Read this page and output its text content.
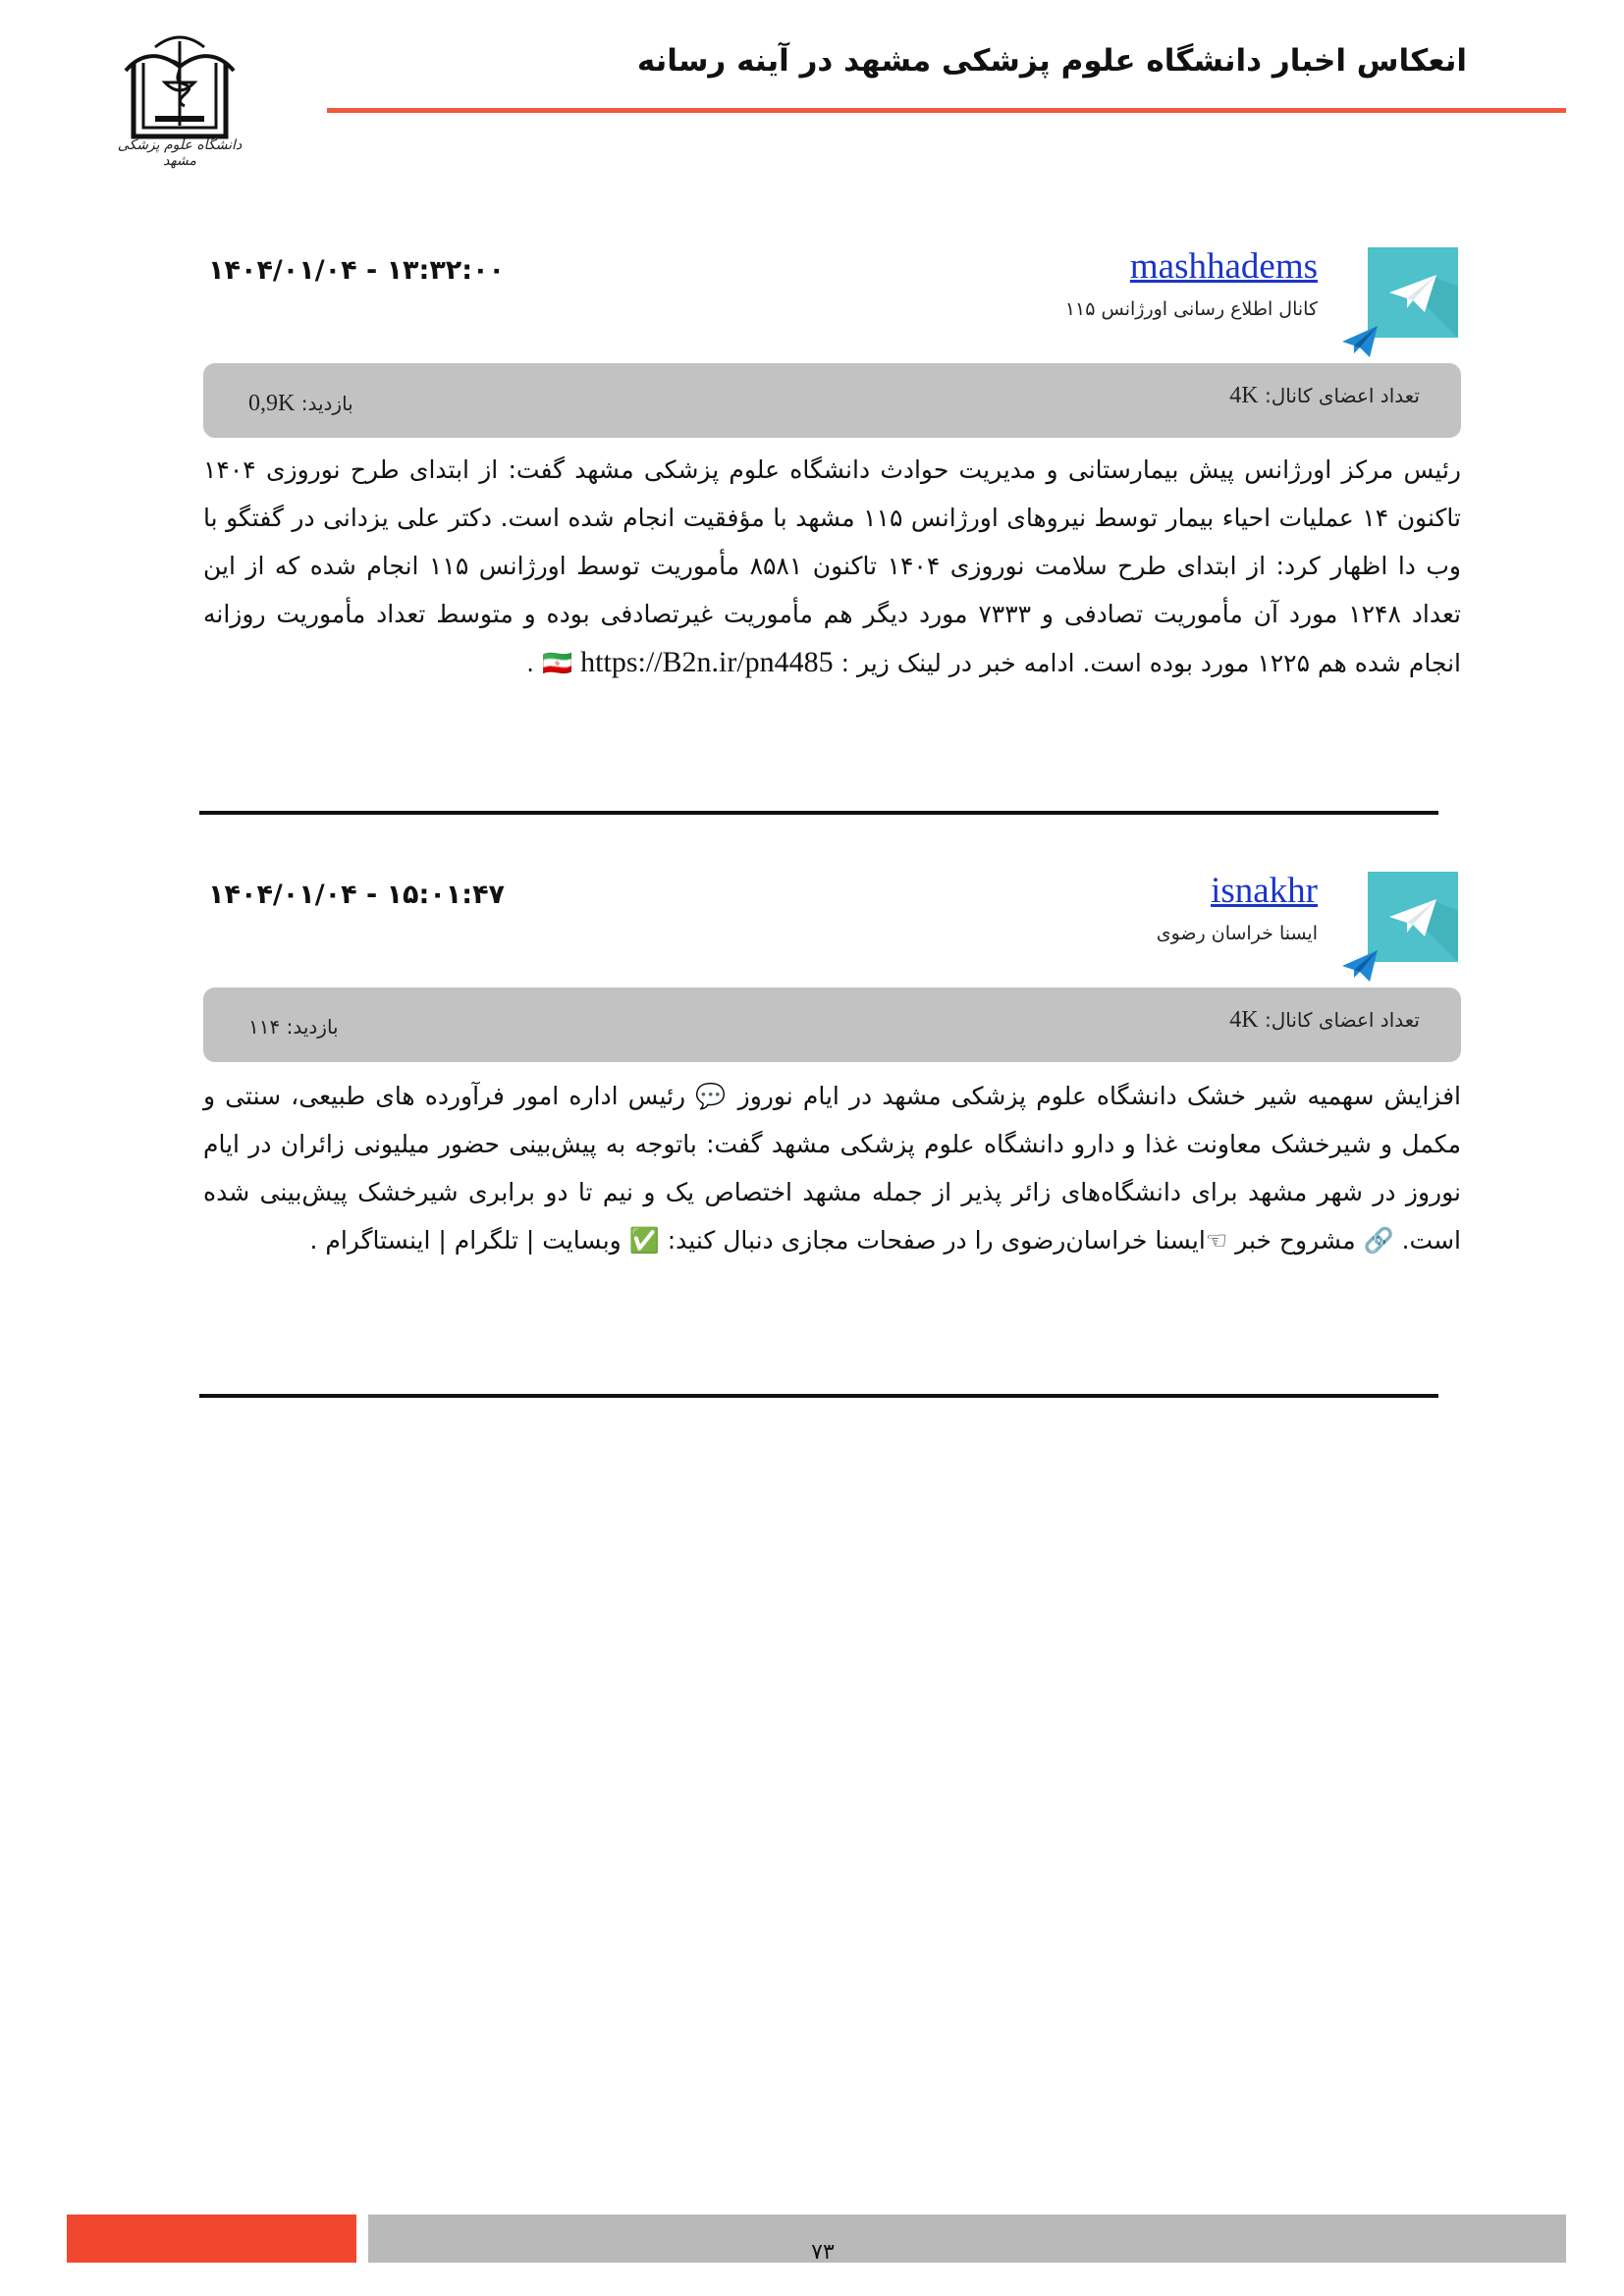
دانشگاه علوم پزشکی مشهد
انعکاس اخبار دانشگاه علوم پزشکی مشهد در آینه رسانه
mashhadems
کانال اطلاع رسانی اورژانس ۱۱۵
۱۴۰۴/۰۱/۰۴ - ۱۳:۳۲:۰۰
تعداد اعضای کانال: 4K
بازدید: 0,9K
رئیس مرکز اورژانس پیش بیمارستانی و مدیریت حوادث دانشگاه علوم پزشکی مشهد گفت: از ابتدای طرح نوروزی ۱۴۰۴ تاکنون ۱۴ عملیات احیاء بیمار توسط نیروهای اورژانس ۱۱۵ مشهد با مؤفقیت انجام شده است. دکتر علی یزدانی در گفتگو با وب دا اظهار کرد: از ابتدای طرح سلامت نوروزی ۱۴۰۴ تاکنون ۸۵۸۱ مأموریت توسط اورژانس ۱۱۵ انجام شده که از این تعداد ۱۲۴۸ مورد آن مأموریت تصادفی و ۷۳۳۳ مورد دیگر هم مأموریت غیرتصادفی بوده و متوسط تعداد مأموریت روزانه انجام شده هم ۱۲۲۵ مورد بوده است. ادامه خبر در لینک زیر : 🇮🇷 https://B2n.ir/pn4485 .
isnakhr
ایسنا خراسان رضوی
۱۴۰۴/۰۱/۰۴ - ۱۵:۰۱:۴۷
تعداد اعضای کانال: 4K
بازدید: ۱۱۴
افزایش سهمیه شیر خشک دانشگاه علوم پزشکی مشهد در ایام نوروز 💬 رئیس اداره امور فرآورده های طبیعی، سنتی و مکمل و شیرخشک معاونت غذا و دارو دانشگاه علوم پزشکی مشهد گفت: باتوجه به پیش‌بینی حضور میلیونی زائران در ایام نوروز در شهر مشهد برای دانشگاه‌های زائر پذیر از جمله مشهد اختصاص یک و نیم تا دو برابری شیرخشک پیش‌بینی شده است. 🔗 مشروح خبر ☜ایسنا خراسان‌رضوی را در صفحات مجازی دنبال کنید: ✅ وبسایت | تلگرام | اینستاگرام .
۷۳
